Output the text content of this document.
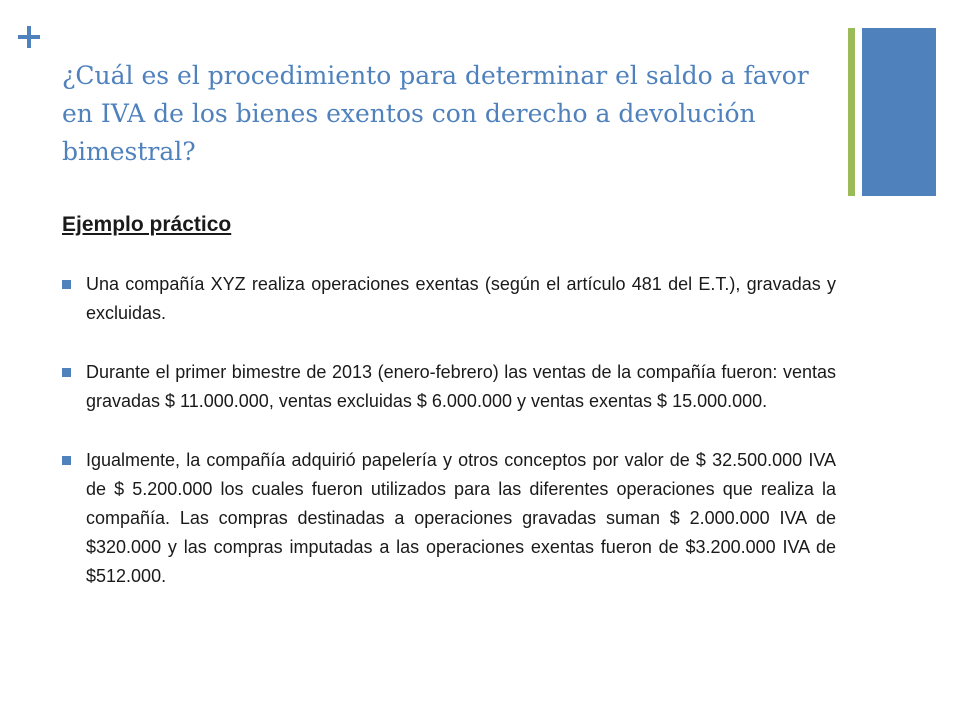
¿Cuál es el procedimiento para determinar el saldo a favor en IVA de los bienes exentos con derecho a devolución bimestral?
Ejemplo práctico
Una compañía XYZ realiza operaciones exentas (según el artículo 481 del E.T.), gravadas y excluidas.
Durante el primer bimestre de 2013 (enero-febrero) las ventas de la compañía fueron: ventas gravadas $ 11.000.000, ventas excluidas $ 6.000.000 y ventas exentas $ 15.000.000.
Igualmente, la compañía adquirió papelería y otros conceptos por valor de $ 32.500.000 IVA de $ 5.200.000 los cuales fueron utilizados para las diferentes operaciones que realiza la compañía. Las compras destinadas a operaciones gravadas suman $ 2.000.000 IVA de $320.000 y las compras imputadas a las operaciones exentas fueron de $3.200.000 IVA de $512.000.
